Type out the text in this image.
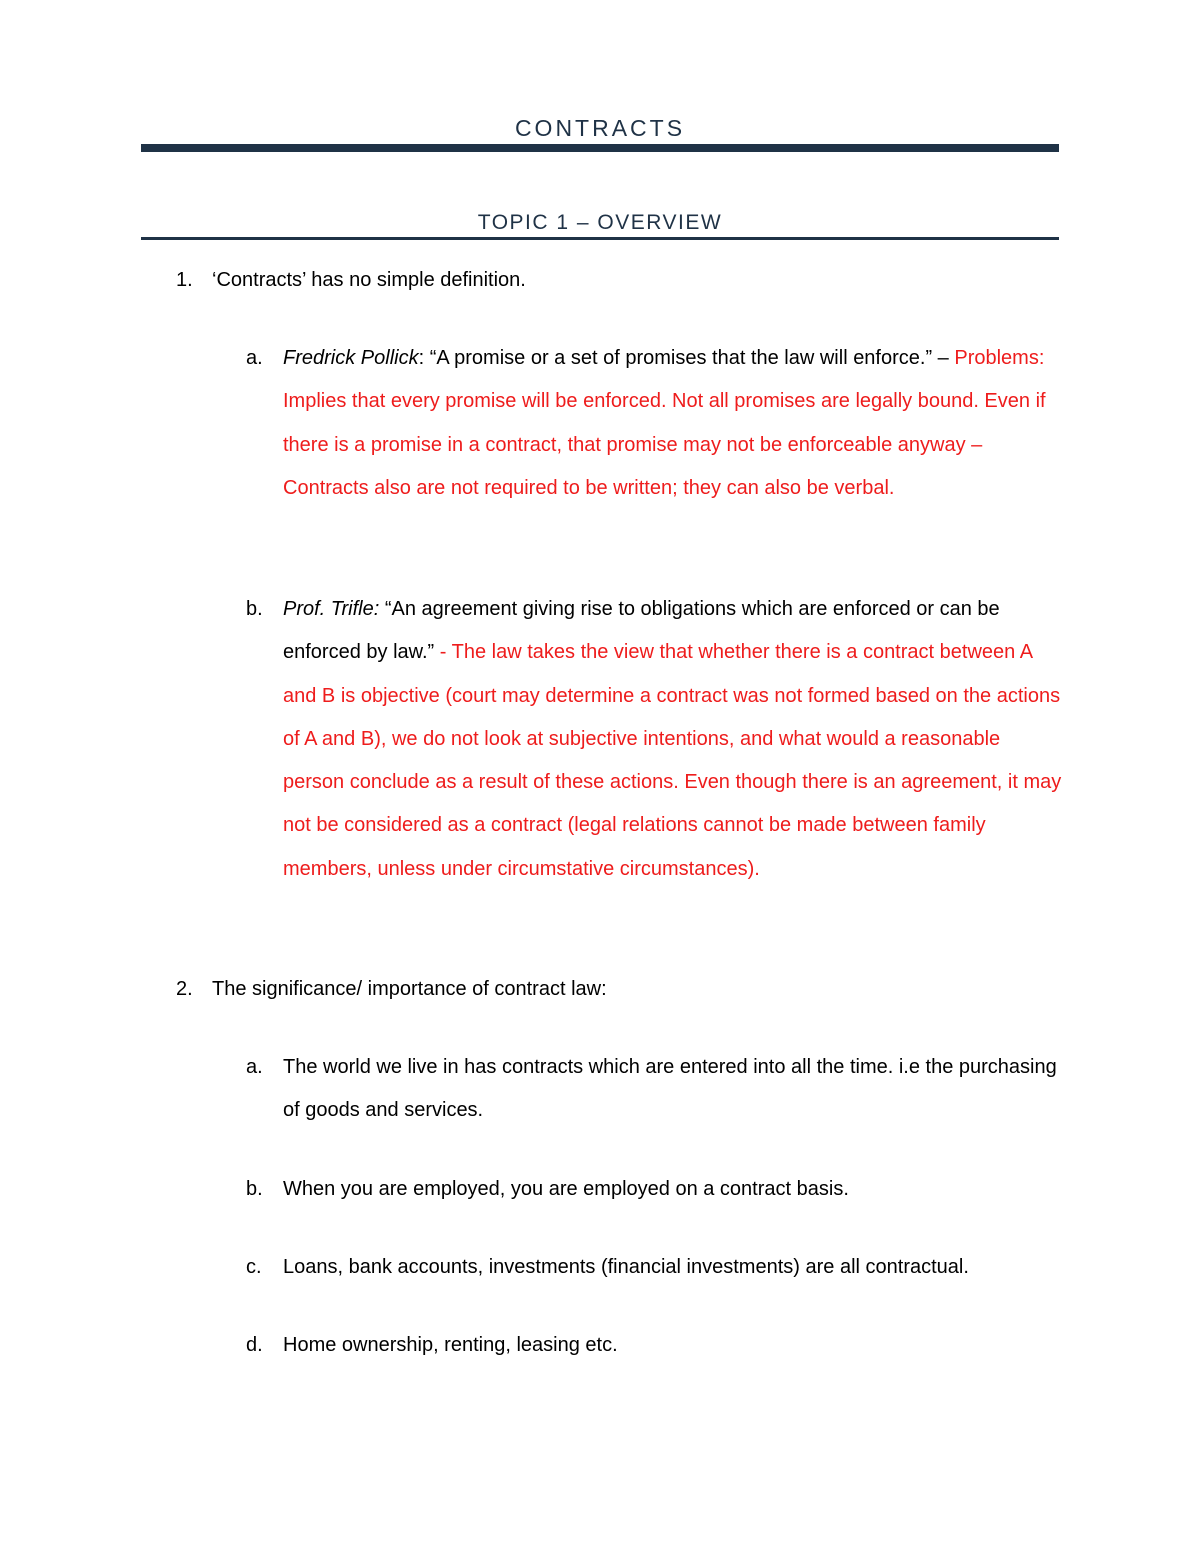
CONTRACTS
TOPIC 1 – OVERVIEW
1. ‘Contracts’ has no simple definition.
a. Fredrick Pollick: “A promise or a set of promises that the law will enforce.” – Problems: Implies that every promise will be enforced. Not all promises are legally bound. Even if there is a promise in a contract, that promise may not be enforceable anyway – Contracts also are not required to be written; they can also be verbal.
b. Prof. Trifle: “An agreement giving rise to obligations which are enforced or can be enforced by law.” - The law takes the view that whether there is a contract between A and B is objective (court may determine a contract was not formed based on the actions of A and B), we do not look at subjective intentions, and what would a reasonable person conclude as a result of these actions. Even though there is an agreement, it may not be considered as a contract (legal relations cannot be made between family members, unless under circumstative circumstances).
2. The significance/ importance of contract law:
a. The world we live in has contracts which are entered into all the time. i.e the purchasing of goods and services.
b. When you are employed, you are employed on a contract basis.
c. Loans, bank accounts, investments (financial investments) are all contractual.
d. Home ownership, renting, leasing etc.
